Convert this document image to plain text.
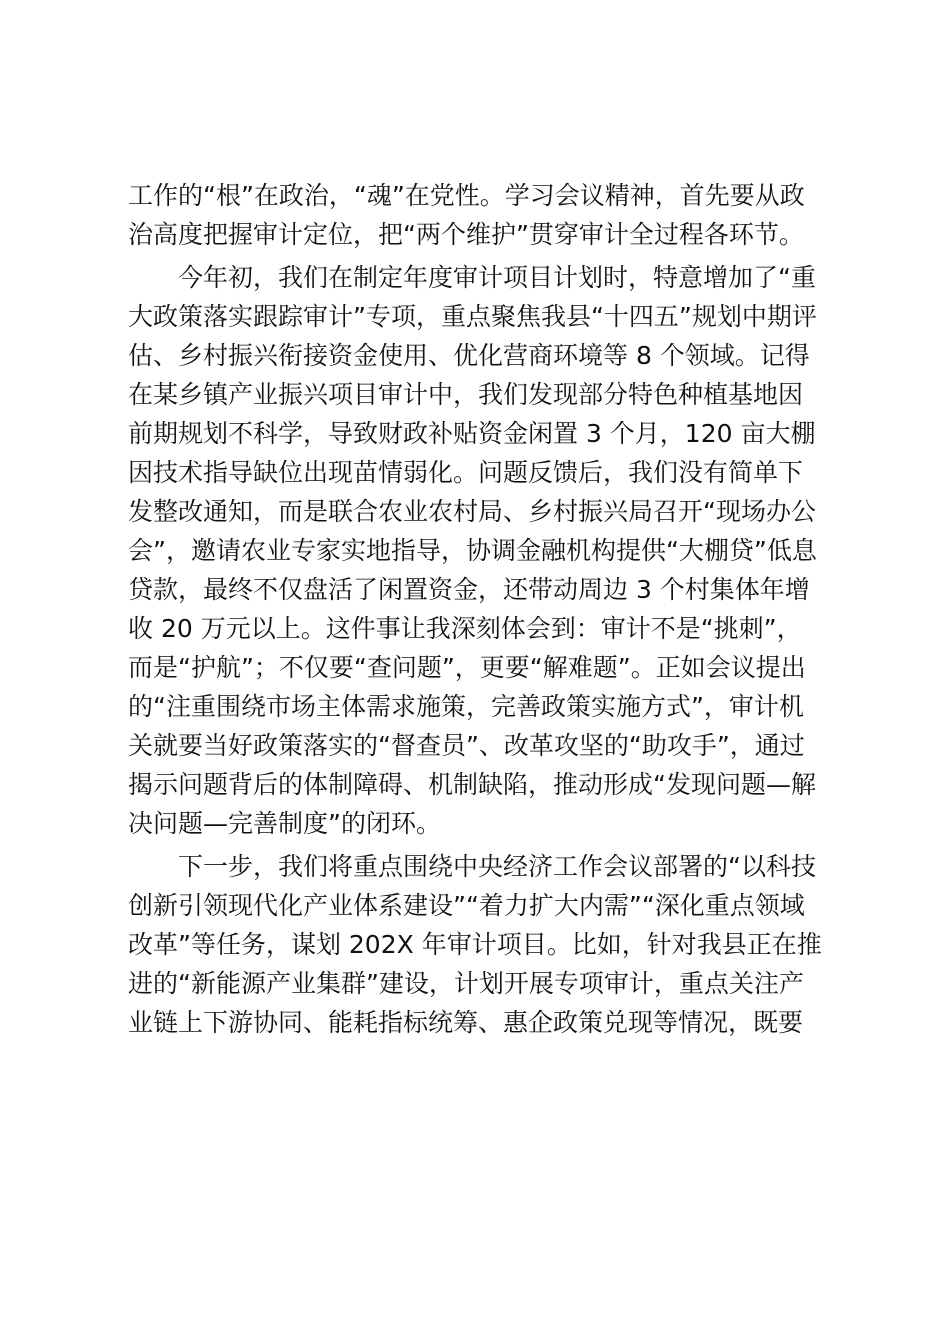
工作的“根”在政治，“魂”在党性。学习会议精神，首先要从政
治高度把握审计定位，把“两个维护”贯穿审计全过程各环节。
　　今年初，我们在制定年度审计项目计划时，特意增加了“重
大政策落实跟踪审计”专项，重点聚焦我县“十四五”规划中期评
估、乡村振兴衔接资金使用、优化营商环境等 8 个领域。记得
在某乡镇产业振兴项目审计中，我们发现部分特色种植基地因
前期规划不科学，导致财政补贴资金闲置 3 个月，120 亩大棚
因技术指导缺位出现苗情弱化。问题反馈后，我们没有简单下
发整改通知，而是联合农业农村局、乡村振兴局召开“现场办公
会”，邀请农业专家实地指导，协调金融机构提供“大棚贷”低息
贷款，最终不仅盘活了闲置资金，还带动周边 3 个村集体年增
收 20 万元以上。这件事让我深刻体会到：审计不是“挑刺”，
而是“护航”；不仅要“查问题”，更要“解难题”。正如会议提出
的“注重围绕市场主体需求施策，完善政策实施方式”，审计机
关就要当好政策落实的“督查员”、改革攻坚的“助攻手”，通过
揭示问题背后的体制障碍、机制缺陷，推动形成“发现问题—解
决问题—完善制度”的闭环。
　　下一步，我们将重点围绕中央经济工作会议部署的“以科技
创新引领现代化产业体系建设”“着力扩大内需”“深化重点领域
改革”等任务，谋划 202X 年审计项目。比如，针对我县正在推
进的“新能源产业集群”建设，计划开展专项审计，重点关注产
业链上下游协同、能耗指标统筹、惠企政策兑现等情况，既要
